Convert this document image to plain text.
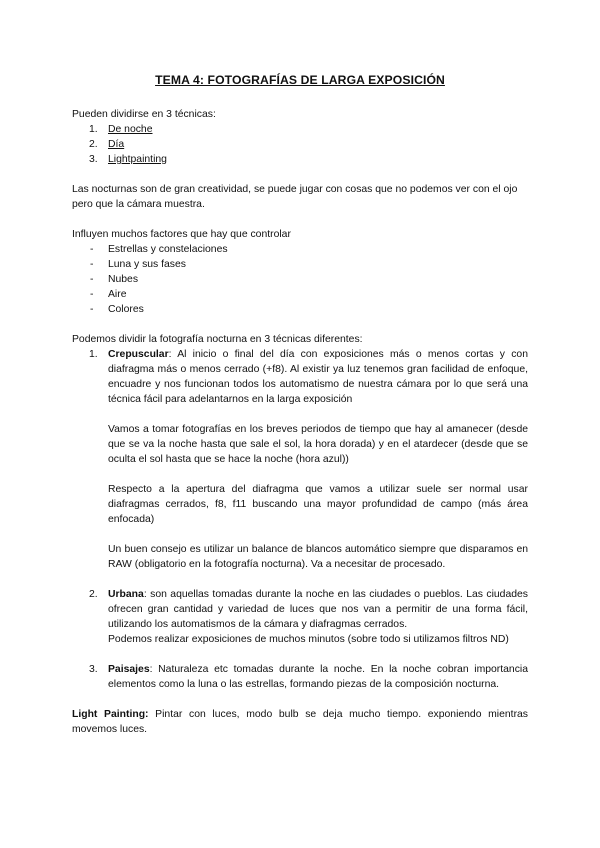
TEMA 4: FOTOGRAFÍAS DE LARGA EXPOSICIÓN

Pueden dividirse en 3 técnicas:

1. De noche
2. Día
3. Lightpainting

Las nocturnas son de gran creatividad, se puede jugar con cosas que no podemos ver con el ojo pero que la cámara muestra.

Influyen muchos factores que hay que controlar

- Estrellas y constelaciones
- Luna y sus fases
- Nubes
- Aire
- Colores

Podemos dividir la fotografía nocturna en 3 técnicas diferentes:

1. Crepuscular: Al inicio o final del día con exposiciones más o menos cortas y con diafragma más o menos cerrado (+f8). Al existir ya luz tenemos gran facilidad de enfoque, encuadre y nos funcionan todos los automatismo de nuestra cámara por lo que será una técnica fácil para adelantarnos en la larga exposición

Vamos a tomar fotografías en los breves periodos de tiempo que hay al amanecer (desde que se va la noche hasta que sale el sol, la hora dorada) y en el atardecer (desde que se oculta el sol hasta que se hace la noche (hora azul))

Respecto a la apertura del diafragma que vamos a utilizar suele ser normal usar diafragmas cerrados, f8, f11 buscando una mayor profundidad de campo (más área enfocada)

Un buen consejo es utilizar un balance de blancos automático siempre que disparamos en RAW (obligatorio en la fotografía nocturna). Va a necesitar de procesado.

2. Urbana: son aquellas tomadas durante la noche en las ciudades o pueblos. Las ciudades ofrecen gran cantidad y variedad de luces que nos van a permitir de una forma fácil, utilizando los automatismos de la cámara y diafragmas cerrados.

Podemos realizar exposiciones de muchos minutos (sobre todo si utilizamos filtros ND)

3. Paisajes: Naturaleza etc tomadas durante la noche. En la noche cobran importancia elementos como la luna o las estrellas, formando piezas de la composición nocturna.

Light Painting: Pintar con luces, modo bulb se deja mucho tiempo. exponiendo mientras movemos luces.
